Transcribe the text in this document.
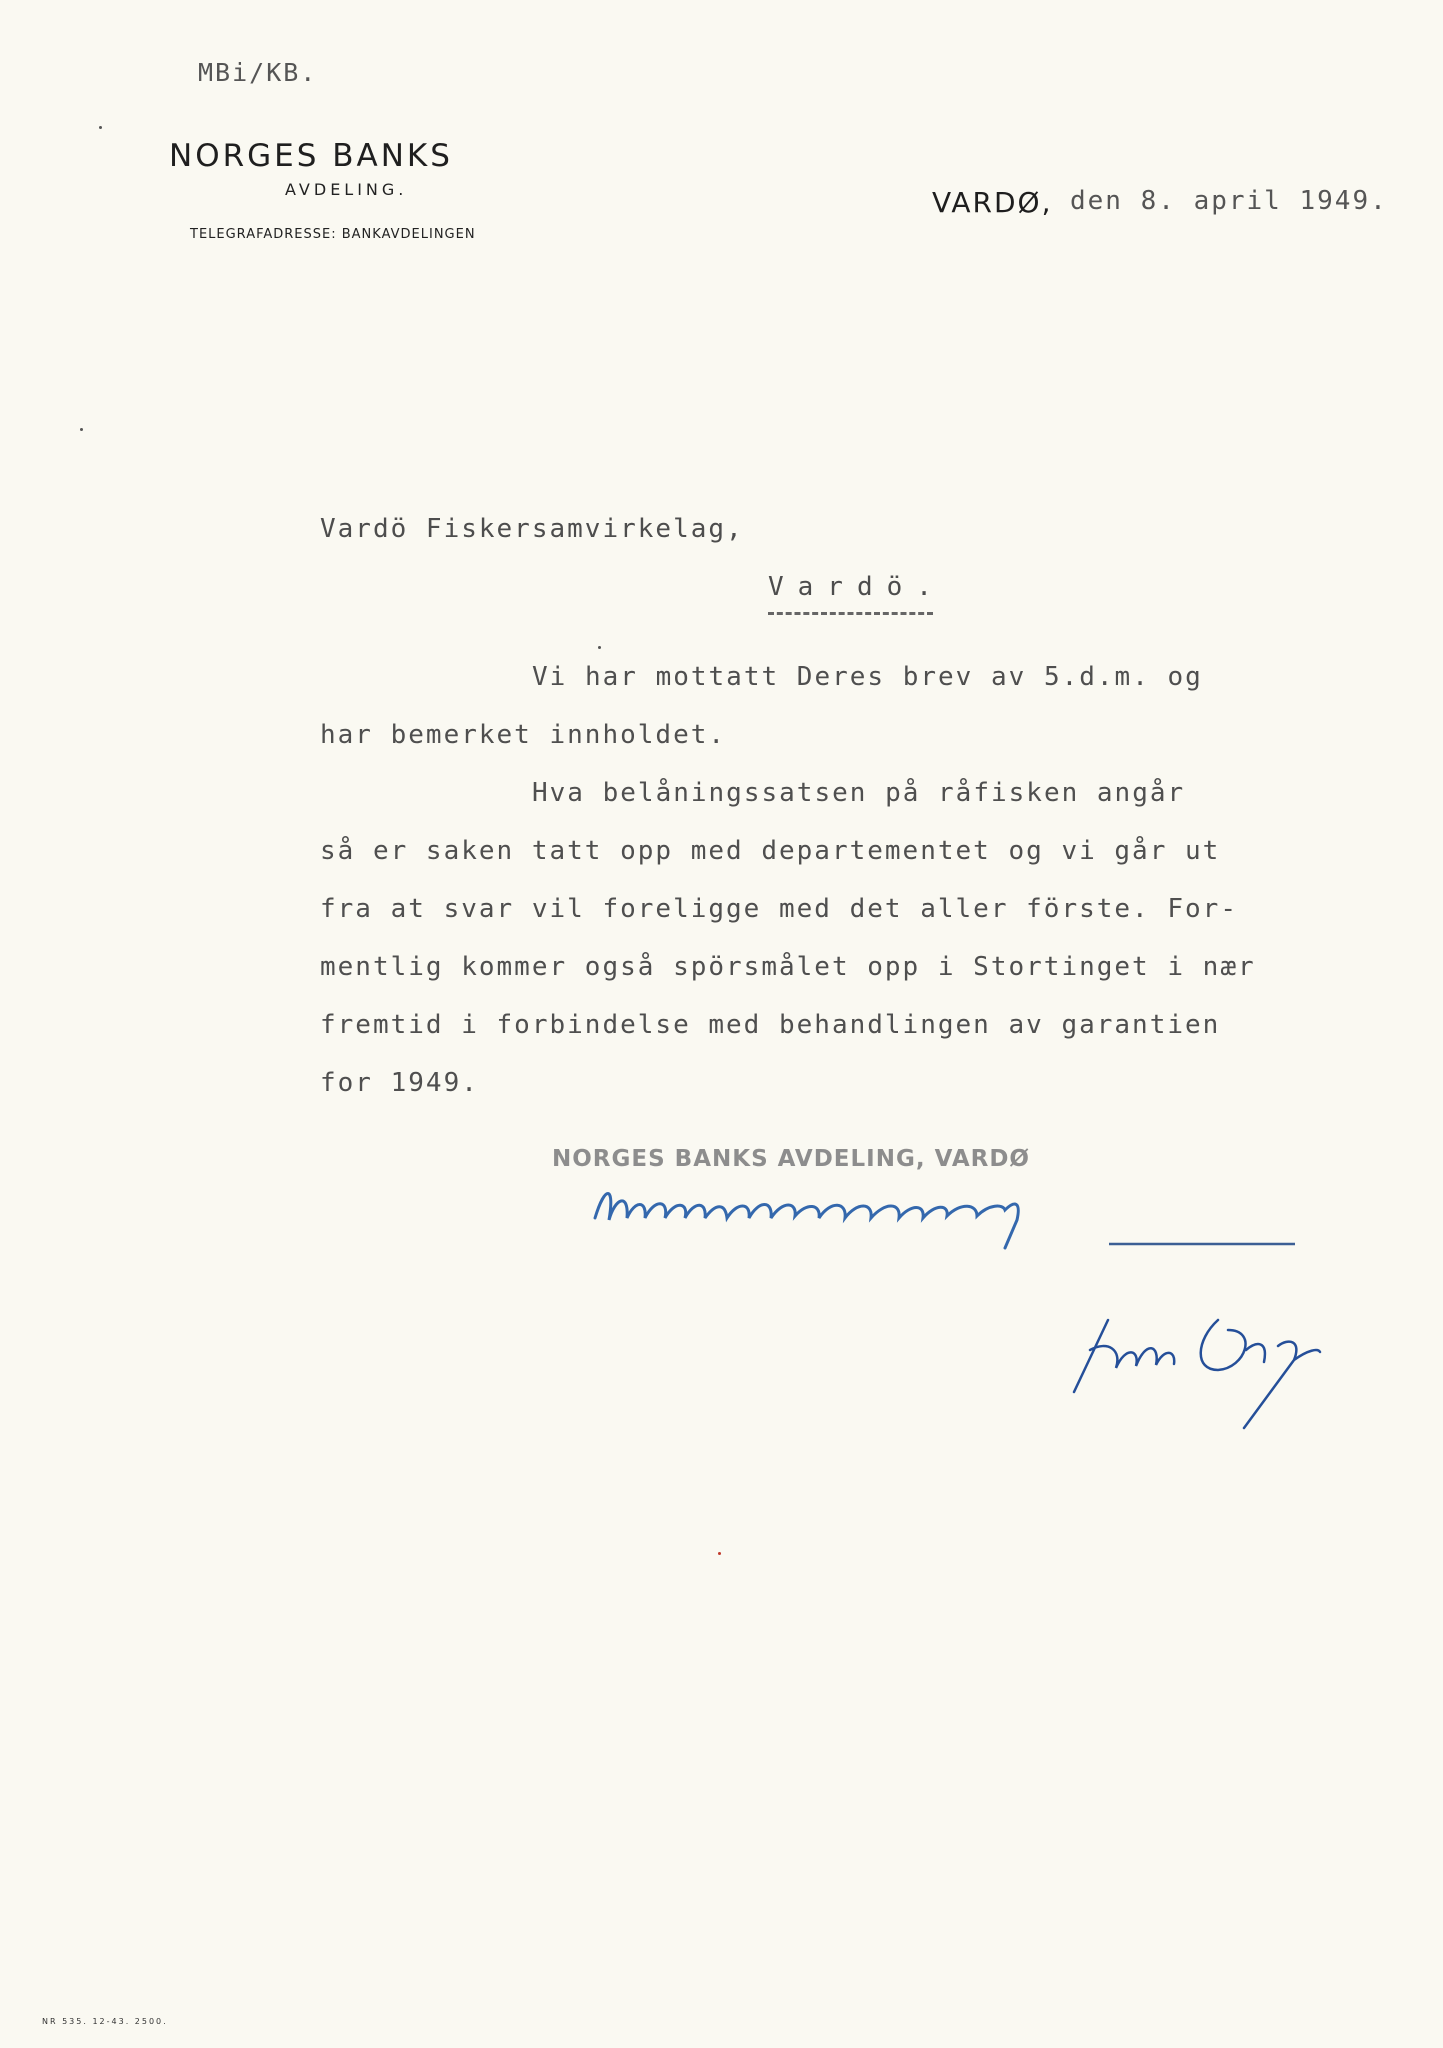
MBi/KB.
NORGES BANKS
AVDELING.
TELEGRAFADRESSE: BANKAVDELINGEN
VARDØ, den 8. april 1949.
Vardö Fiskersamvirkelag,
Vardö.
Vi har mottatt Deres brev av 5.d.m. og
har bemerket innholdet.
Hva belåningssatsen på råfisken angår
så er saken tatt opp med departementet og vi går ut
fra at svar vil foreligge med det aller förste. For-
mentlig kommer også spörsmålet opp i Stortinget i nær
fremtid i forbindelse med behandlingen av garantien
for 1949.
NORGES BANKS AVDELING, VARDØ
NR 535. 12-43. 2500.
